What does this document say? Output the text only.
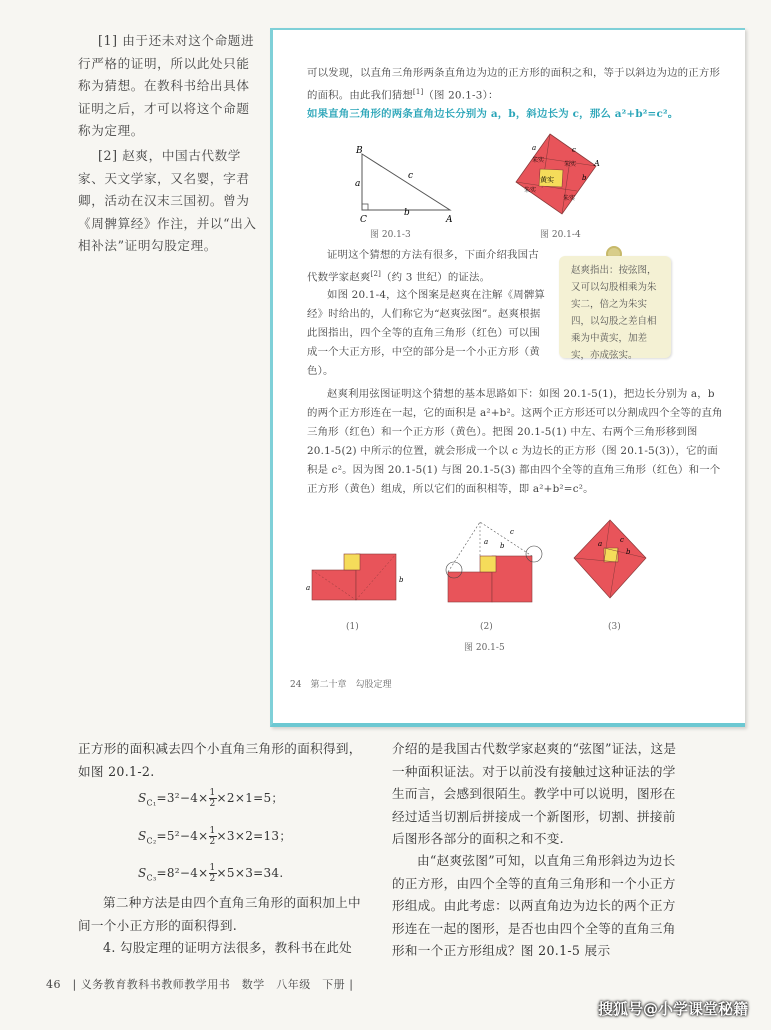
[1] 由于还未对这个命题进行严格的证明，所以此处只能称为猜想。在教科书给出具体证明之后，才可以将这个命题称为定理。

[2] 赵爽，中国古代数学家、天文学家，又名婴，字君卿，活动在汉末三国初。曾为《周髀算经》作注，并以“出入相补法”证明勾股定理。

可以发现，以直角三角形两条直角边为边的正方形的面积之和，等于以斜边为边的正方形的面积。由此我们猜想[1]（图 20.1-3）：
如果直角三角形的两条直角边长分别为 a，b，斜边长为 c，那么 a²+b²=c²。
B
C	A
a
b
c
图 20.1-3
黄实
朱实
朱实
朱实
朱实
A
c
a
b
图 20.1-4
证明这个猜想的方法有很多，下面介绍我国古代数学家赵爽[2]（约 3 世纪）的证法。
如图 20.1-4，这个图案是赵爽在注解《周髀算经》时给出的，人们称它为“赵爽弦图”。赵爽根据此图指出，四个全等的直角三角形（红色）可以围成一个大正方形，中空的部分是一个小正方形（黄色）。
赵爽指出：按弦图，又可以勾股相乘为朱实二，倍之为朱实四，以勾股之差自相乘为中黄实，加差实，亦成弦实。
赵爽利用弦图证明这个猜想的基本思路如下：如图 20.1-5(1)，把边长分别为 a，b 的两个正方形连在一起，它的面积是 a²+b²。这两个正方形还可以分割成四个全等的直角三角形（红色）和一个正方形（黄色）。把图 20.1-5(1) 中左、右两个三角形移到图 20.1-5(2) 中所示的位置，就会形成一个以 c 为边长的正方形（图 20.1-5(3)），它的面积是 c²。因为图 20.1-5(1) 与图 20.1-5(3) 都由四个全等的直角三角形（红色）和一个正方形（黄色）组成，所以它们的面积相等，即 a²+b²=c²。
a
b
(1)
a b
c
(2)
c
a
b
(3)
图 20.1-5
24　第二十章　勾股定理
正方形的面积减去四个小直角三角形的面积得到，如图 20.1-2.
$S_{C_1}=3^2-4\times \frac{1}{2} \times 2\times 1=5$；
$S_{C_2}=5^2-4\times \frac{1}{2} \times 3\times 2=13$；
$S_{C_3}=8^2-4\times \frac{1}{2} \times 5\times 3=34$.
第二种方法是由四个直角三角形的面积加上中间一个小正方形的面积得到.
4. 勾股定理的证明方法很多，教科书在此处
介绍的是我国古代数学家赵爽的“弦图”证法，这是一种面积证法。对于以前没有接触过这种证法的学生而言，会感到很陌生。教学中可以说明，图形在经过适当切割后拼接成一个新图形，切割、拼接前后图形各部分的面积之和不变.
由“赵爽弦图”可知，以直角三角形斜边为边长的正方形，由四个全等的直角三角形和一个小正方形组成。由此考虑：以两直角边为边长的两个正方形连在一起的图形，是否也由四个全等的直角三角形和一个正方形组成？图 20.1-5 展示
46　| 义务教育教科书教师教学用书　数学　八年级　下册 |
搜狐号@小学课堂秘籍
